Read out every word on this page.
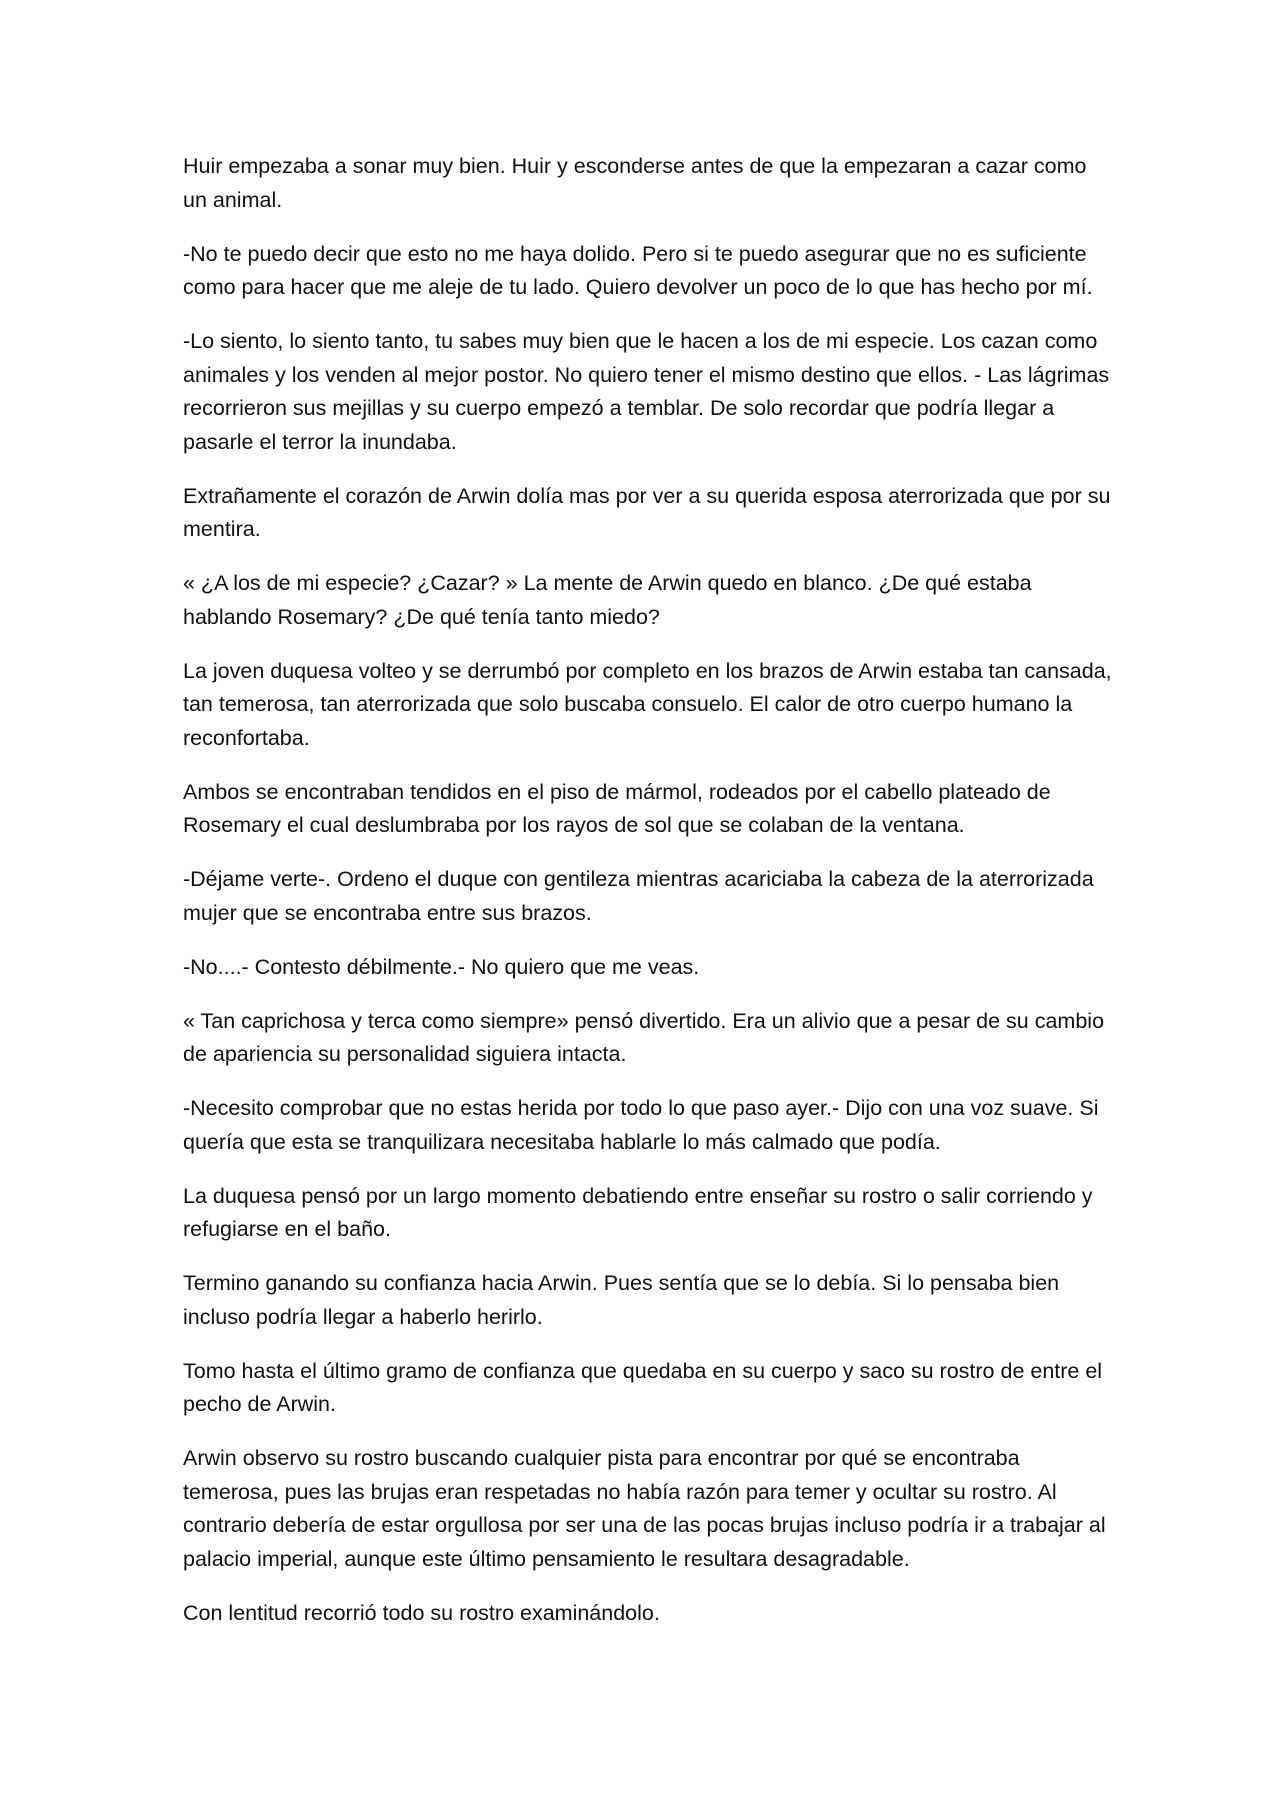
Huir empezaba a sonar muy bien. Huir y esconderse antes de que la empezaran a cazar como un animal.

-No te puedo decir que esto no me haya dolido. Pero si te puedo asegurar que no es suficiente como para hacer que me aleje de tu lado. Quiero devolver un poco de lo que has hecho por mí.

-Lo siento, lo siento tanto, tu sabes muy bien que le hacen a los de mi especie. Los cazan como animales y los venden al mejor postor. No quiero tener el mismo destino que ellos. - Las lágrimas recorrieron sus mejillas y su cuerpo empezó a temblar. De solo recordar que podría llegar a pasarle el terror la inundaba.

Extrañamente el corazón de Arwin dolía mas por ver a su querida esposa aterrorizada que por su mentira.

« ¿A los de mi especie? ¿Cazar? » La mente de Arwin quedo en blanco. ¿De qué estaba hablando Rosemary? ¿De qué tenía tanto miedo?

La joven duquesa volteo y se derrumbó por completo en los brazos de Arwin estaba tan cansada, tan temerosa, tan aterrorizada que solo buscaba consuelo. El calor de otro cuerpo humano la reconfortaba.

Ambos se encontraban tendidos en el piso de mármol, rodeados por el cabello plateado de Rosemary el cual deslumbraba por los rayos de sol que se colaban de la ventana.

-Déjame verte-. Ordeno el duque con gentileza mientras acariciaba la cabeza de la aterrorizada mujer que se encontraba entre sus brazos.

-No....- Contesto débilmente.- No quiero que me veas.

« Tan caprichosa y terca como siempre» pensó divertido. Era un alivio que a pesar de su cambio de apariencia su personalidad siguiera intacta.

-Necesito comprobar que no estas herida por todo lo que paso ayer.- Dijo con una voz suave. Si quería que esta se tranquilizara necesitaba hablarle lo más calmado que podía.

La duquesa pensó por un largo momento debatiendo entre enseñar su rostro o salir corriendo y refugiarse en el baño.

Termino ganando su confianza hacia Arwin. Pues sentía que se lo debía. Si lo pensaba bien incluso podría llegar a haberlo herirlo.

Tomo hasta el último gramo de confianza que quedaba en su cuerpo y saco su rostro de entre el pecho de Arwin.

Arwin observo su rostro buscando cualquier pista para encontrar por qué se encontraba temerosa, pues las brujas eran respetadas no había razón para temer y ocultar su rostro. Al contrario debería de estar orgullosa por ser una de las pocas brujas incluso podría ir a trabajar al palacio imperial, aunque este último pensamiento le resultara desagradable.

Con lentitud recorrió todo su rostro examinándolo.
